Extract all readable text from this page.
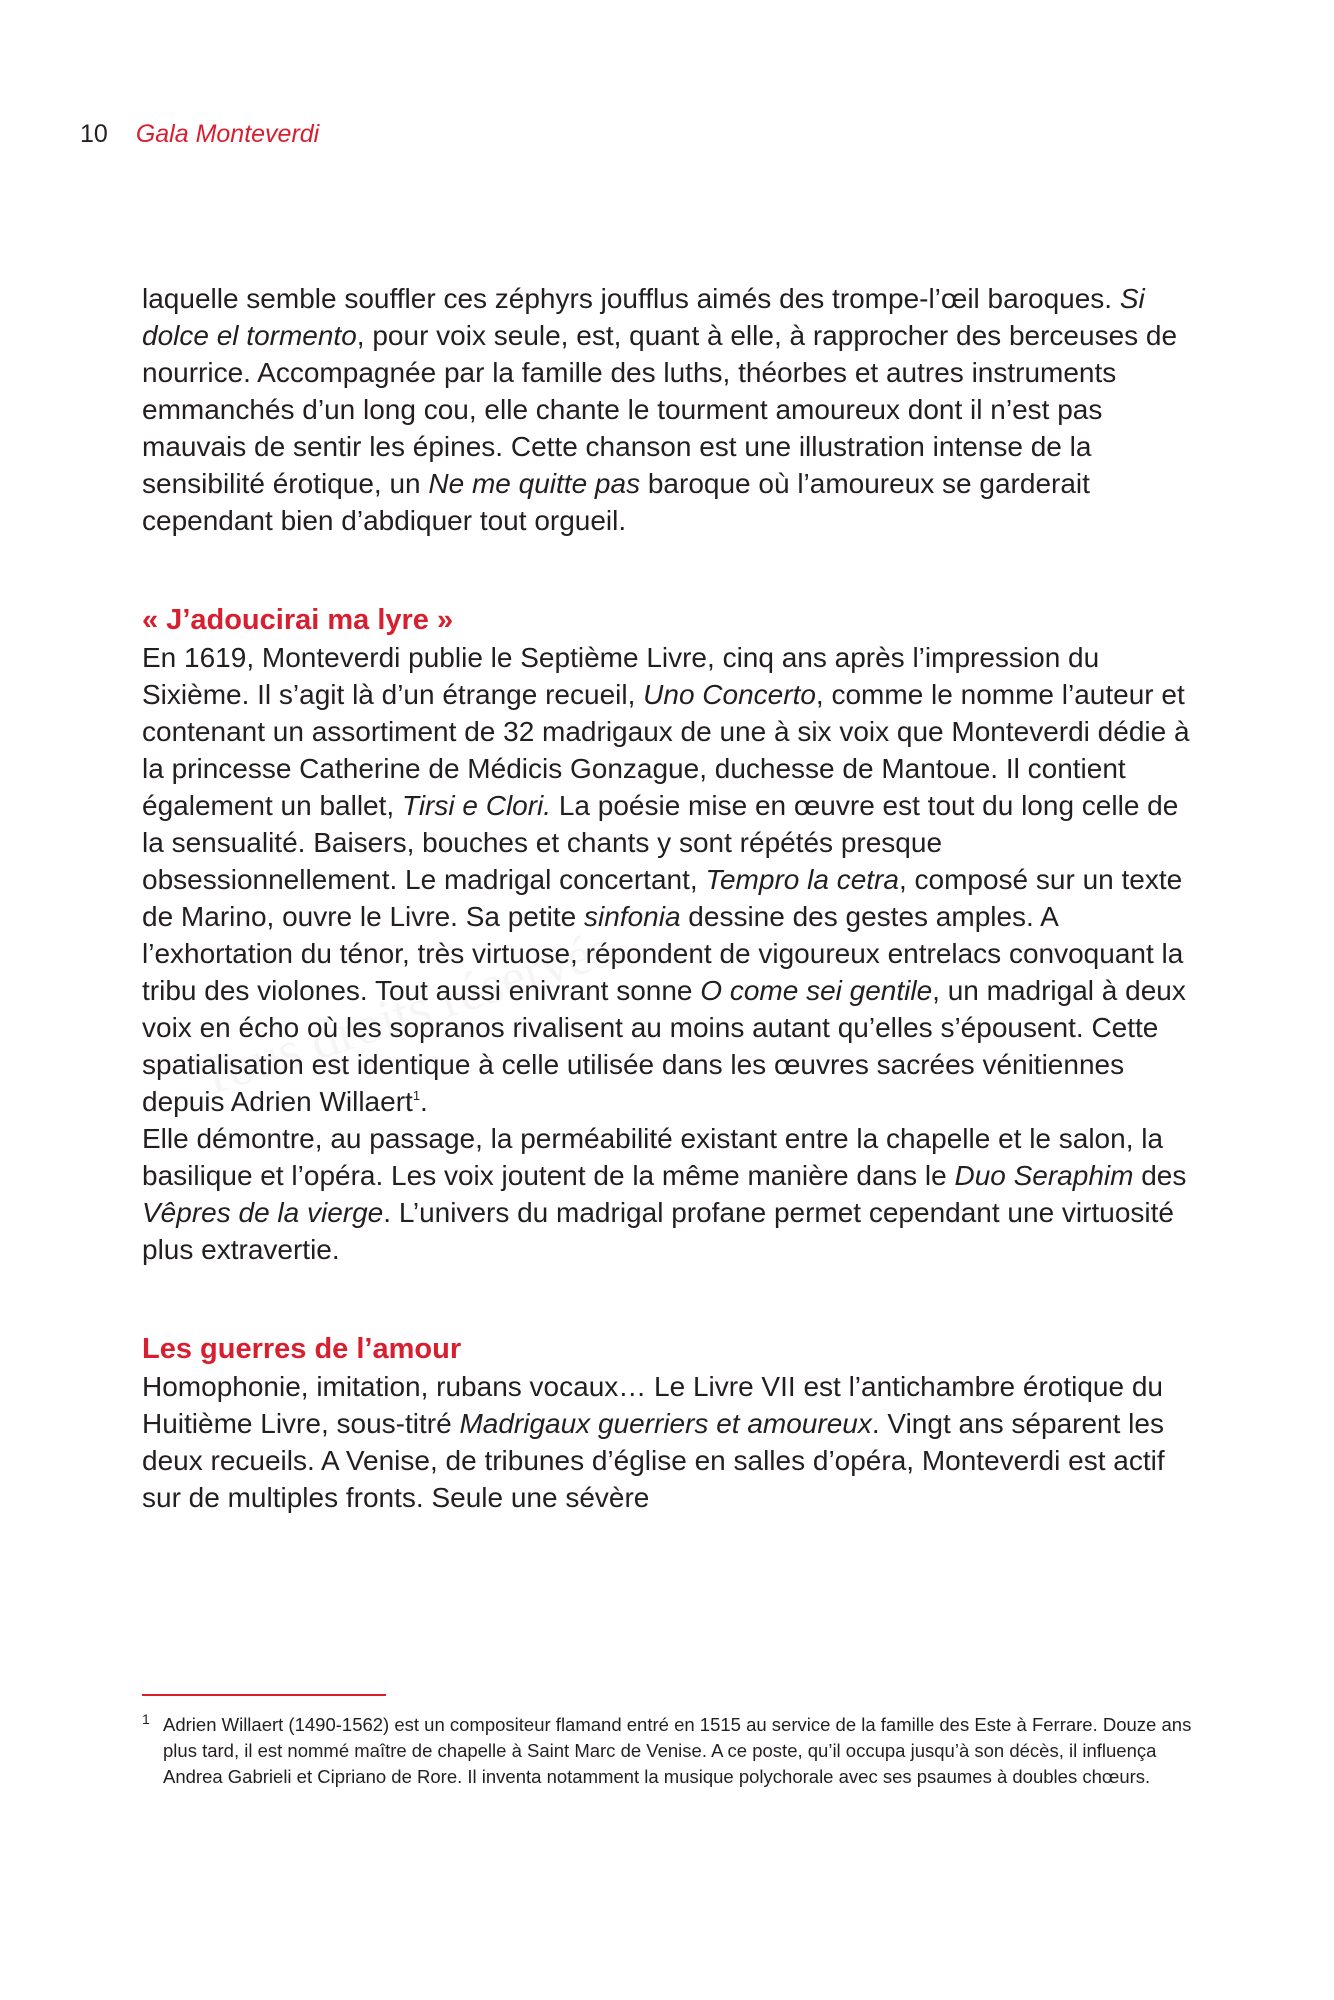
10 Gala Monteverdi

laquelle semble souffler ces zéphyrs joufflus aimés des trompe-l’œil baroques. Si dolce el tormento, pour voix seule, est, quant à elle, à rapprocher des berceuses de nourrice. Accompagnée par la famille des luths, théorbes et autres instruments emmanchés d’un long cou, elle chante le tourment amoureux dont il n’est pas mauvais de sentir les épines. Cette chanson est une illustration intense de la sensibilité érotique, un Ne me quitte pas baroque où l’amoureux se garderait cependant bien d’abdiquer tout orgueil.

« J’adoucirai ma lyre »

En 1619, Monteverdi publie le Septième Livre, cinq ans après l’impression du Sixième. Il s’agit là d’un étrange recueil, Uno Concerto, comme le nomme l’auteur et contenant un assortiment de 32 madrigaux de une à six voix que Monteverdi dédie à la princesse Catherine de Médicis Gonzague, duchesse de Mantoue. Il contient également un ballet, Tirsi e Clori. La poésie mise en œuvre est tout du long celle de la sensualité. Baisers, bouches et chants y sont répétés presque obsessionnellement. Le madrigal concertant, Tempro la cetra, composé sur un texte de Marino, ouvre le Livre. Sa petite sinfonia dessine des gestes amples. A l’exhortation du ténor, très virtuose, répondent de vigoureux entrelacs convoquant la tribu des violones. Tout aussi enivrant sonne O come sei gentile, un madrigal à deux voix en écho où les sopranos rivalisent au moins autant qu’elles s’épousent. Cette spatialisation est identique à celle utilisée dans les œuvres sacrées vénitiennes depuis Adrien Willaert$^1$.
Elle démontre, au passage, la perméabilité existant entre la chapelle et le salon, la basilique et l’opéra. Les voix joutent de la même manière dans le Duo Seraphim des Vêpres de la vierge. L’univers du madrigal profane permet cependant une virtuosité plus extravertie.

Les guerres de l’amour

Homophonie, imitation, rubans vocaux… Le Livre VII est l’antichambre érotique du Huitième Livre, sous-titré Madrigaux guerriers et amoureux. Vingt ans séparent les deux recueils. A Venise, de tribunes d’église en salles d’opéra, Monteverdi est actif sur de multiples fronts. Seule une sévère

1 Adrien Willaert (1490-1562) est un compositeur flamand entré en 1515 au service de la famille des Este à Ferrare. Douze ans plus tard, il est nommé maître de chapelle à Saint Marc de Venise. A ce poste, qu’il occupa jusqu’à son décès, il influença Andrea Gabrieli et Cipriano de Rore. Il inventa notamment la musique polychorale avec ses psaumes à doubles chœurs.
